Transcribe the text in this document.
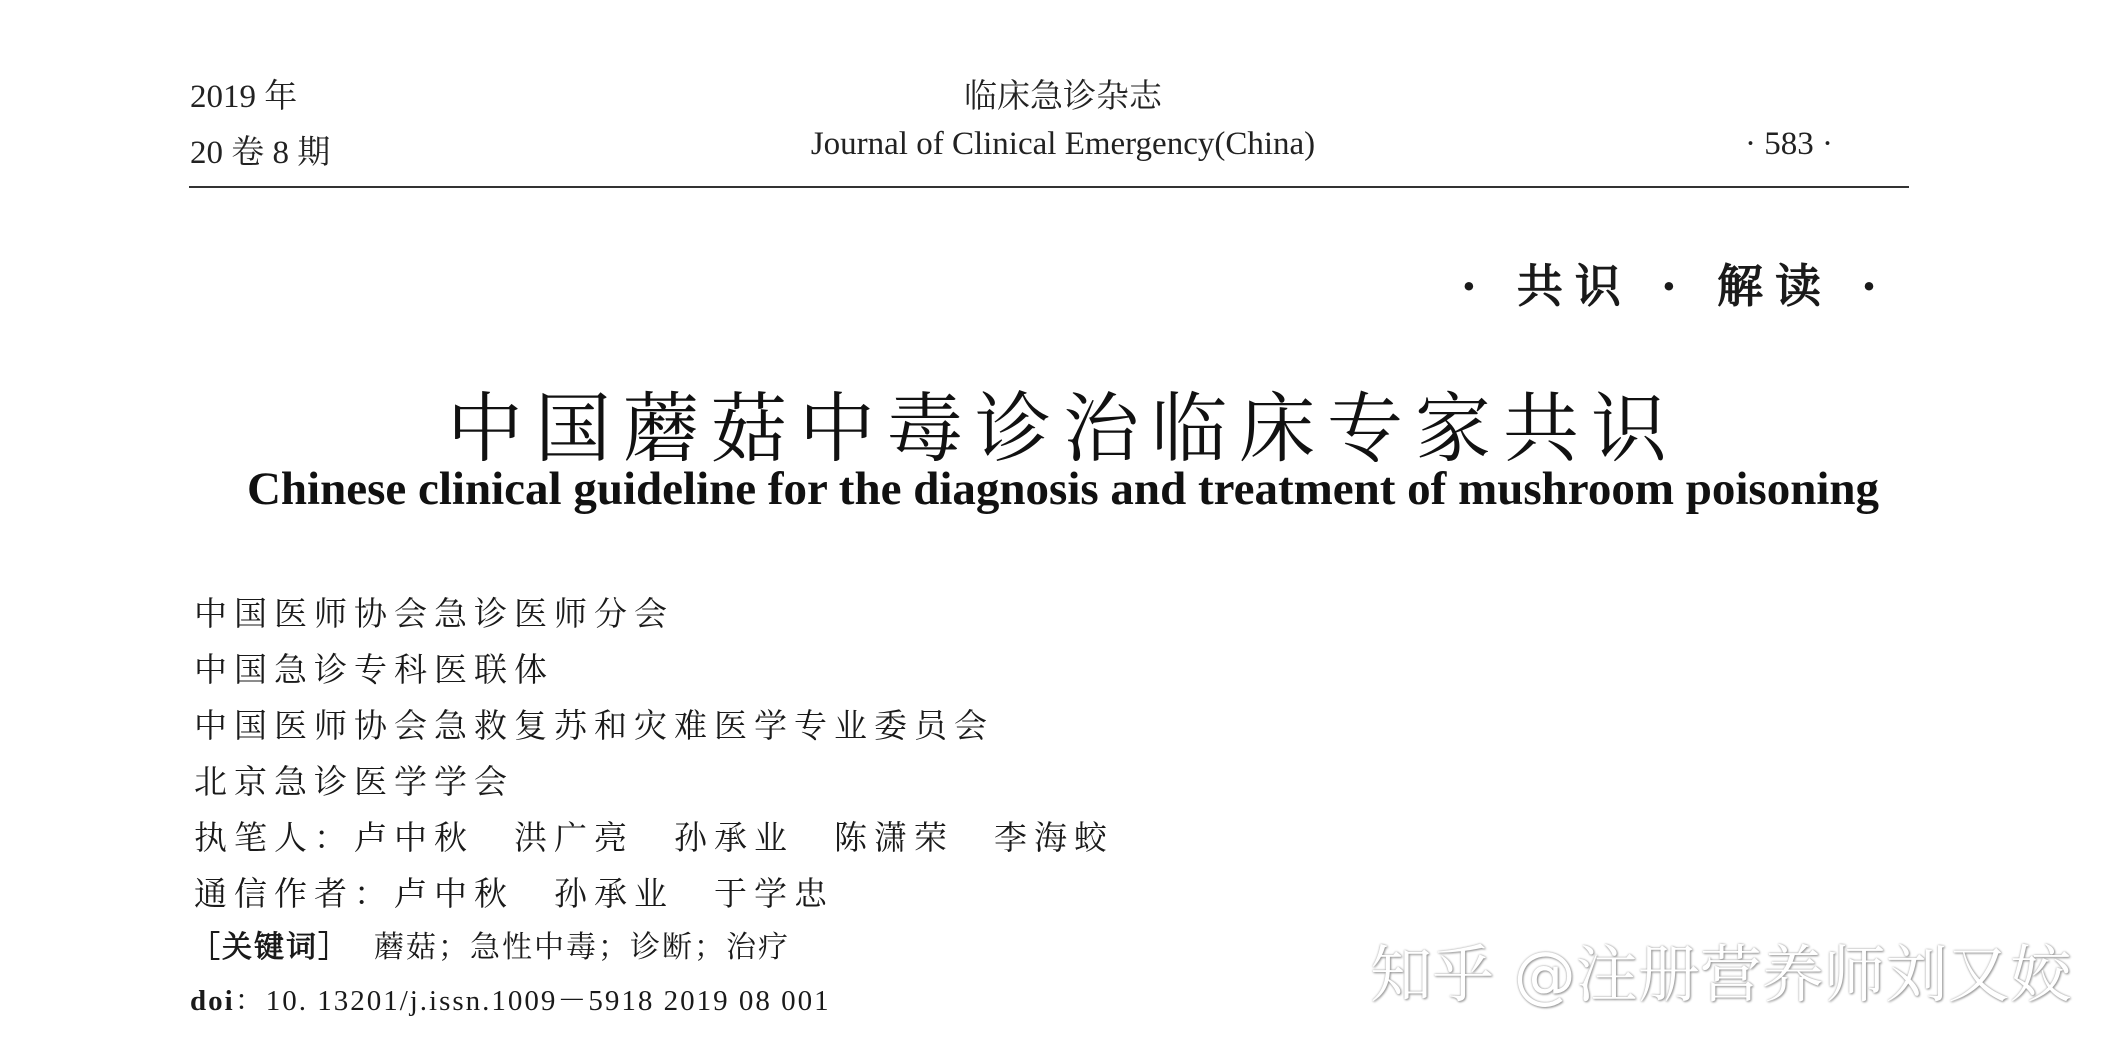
2019 年
20 卷 8 期
临床急诊杂志
Journal of Clinical Emergency(China)	· 583 ·
· 共识 · 解读 ·
中国蘑菇中毒诊治临床专家共识
Chinese clinical guideline for the diagnosis and treatment of mushroom poisoning
中国医师协会急诊医师分会
中国急诊专科医联体
中国医师协会急救复苏和灾难医学专业委员会
北京急诊医学学会
执笔人：卢中秋　洪广亮　孙承业　陈潇荣　李海蛟
通信作者：卢中秋　孙承业　于学忠
［关键词］ 蘑菇；急性中毒；诊断；治疗
doi：10. 13201/j.issn.1009－5918 2019 08 001	知乎 @注册营养师刘又姣
